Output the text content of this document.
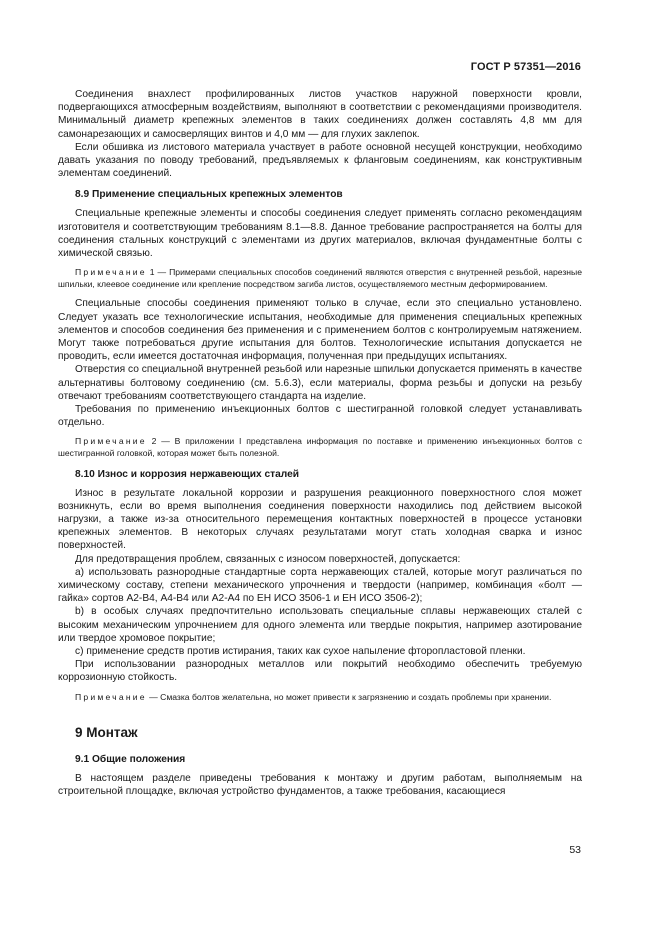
ГОСТ Р 57351—2016

Соединения внахлест профилированных листов участков наружной поверхности кровли, подвергающихся атмосферным воздействиям, выполняют в соответствии с рекомендациями производителя. Минимальный диаметр крепежных элементов в таких соединениях должен составлять 4,8 мм для самонарезающих и самосверлящих винтов и 4,0 мм — для глухих заклепок.

Если обшивка из листового материала участвует в работе основной несущей конструкции, необходимо давать указания по поводу требований, предъявляемых к фланговым соединениям, как конструктивным элементам соединений.

8.9 Применение специальных крепежных элементов

Специальные крепежные элементы и способы соединения следует применять согласно рекомендациям изготовителя и соответствующим требованиям 8.1—8.8. Данное требование распространяется на болты для соединения стальных конструкций с элементами из других материалов, включая фундаментные болты с химической связью.

Примечание 1 — Примерами специальных способов соединений являются отверстия с внутренней резьбой, нарезные шпильки, клеевое соединение или крепление посредством загиба листов, осуществляемого местным деформированием.

Специальные способы соединения применяют только в случае, если это специально установлено. Следует указать все технологические испытания, необходимые для применения специальных крепежных элементов и способов соединения без применения и с применением болтов с контролируемым натяжением. Могут также потребоваться другие испытания для болтов. Технологические испытания допускается не проводить, если имеется достаточная информация, полученная при предыдущих испытаниях.

Отверстия со специальной внутренней резьбой или нарезные шпильки допускается применять в качестве альтернативы болтовому соединению (см. 5.6.3), если материалы, форма резьбы и допуски на резьбу отвечают требованиям соответствующего стандарта на изделие.

Требования по применению инъекционных болтов с шестигранной головкой следует устанавливать отдельно.

Примечание 2 — В приложении I представлена информация по поставке и применению инъекционных болтов с шестигранной головкой, которая может быть полезной.

8.10 Износ и коррозия нержавеющих сталей

Износ в результате локальной коррозии и разрушения реакционного поверхностного слоя может возникнуть, если во время выполнения соединения поверхности находились под действием высокой нагрузки, а также из-за относительного перемещения контактных поверхностей в процессе установки крепежных элементов. В некоторых случаях результатами могут стать холодная сварка и износ поверхностей.

Для предотвращения проблем, связанных с износом поверхностей, допускается:

а) использовать разнородные стандартные сорта нержавеющих сталей, которые могут различаться по химическому составу, степени механического упрочнения и твердости (например, комбинация «болт — гайка» сортов А2-В4, А4-В4 или А2-А4 по ЕН ИСО 3506-1 и ЕН ИСО 3506-2);

b) в особых случаях предпочтительно использовать специальные сплавы нержавеющих сталей с высоким механическим упрочнением для одного элемента или твердые покрытия, например азотирование или твердое хромовое покрытие;

с) применение средств против истирания, таких как сухое напыление фторопластовой пленки.

При использовании разнородных металлов или покрытий необходимо обеспечить требуемую коррозионную стойкость.

Примечание — Смазка болтов желательна, но может привести к загрязнению и создать проблемы при хранении.

9 Монтаж

9.1 Общие положения

В настоящем разделе приведены требования к монтажу и другим работам, выполняемым на строительной площадке, включая устройство фундаментов, а также требования, касающиеся

53
